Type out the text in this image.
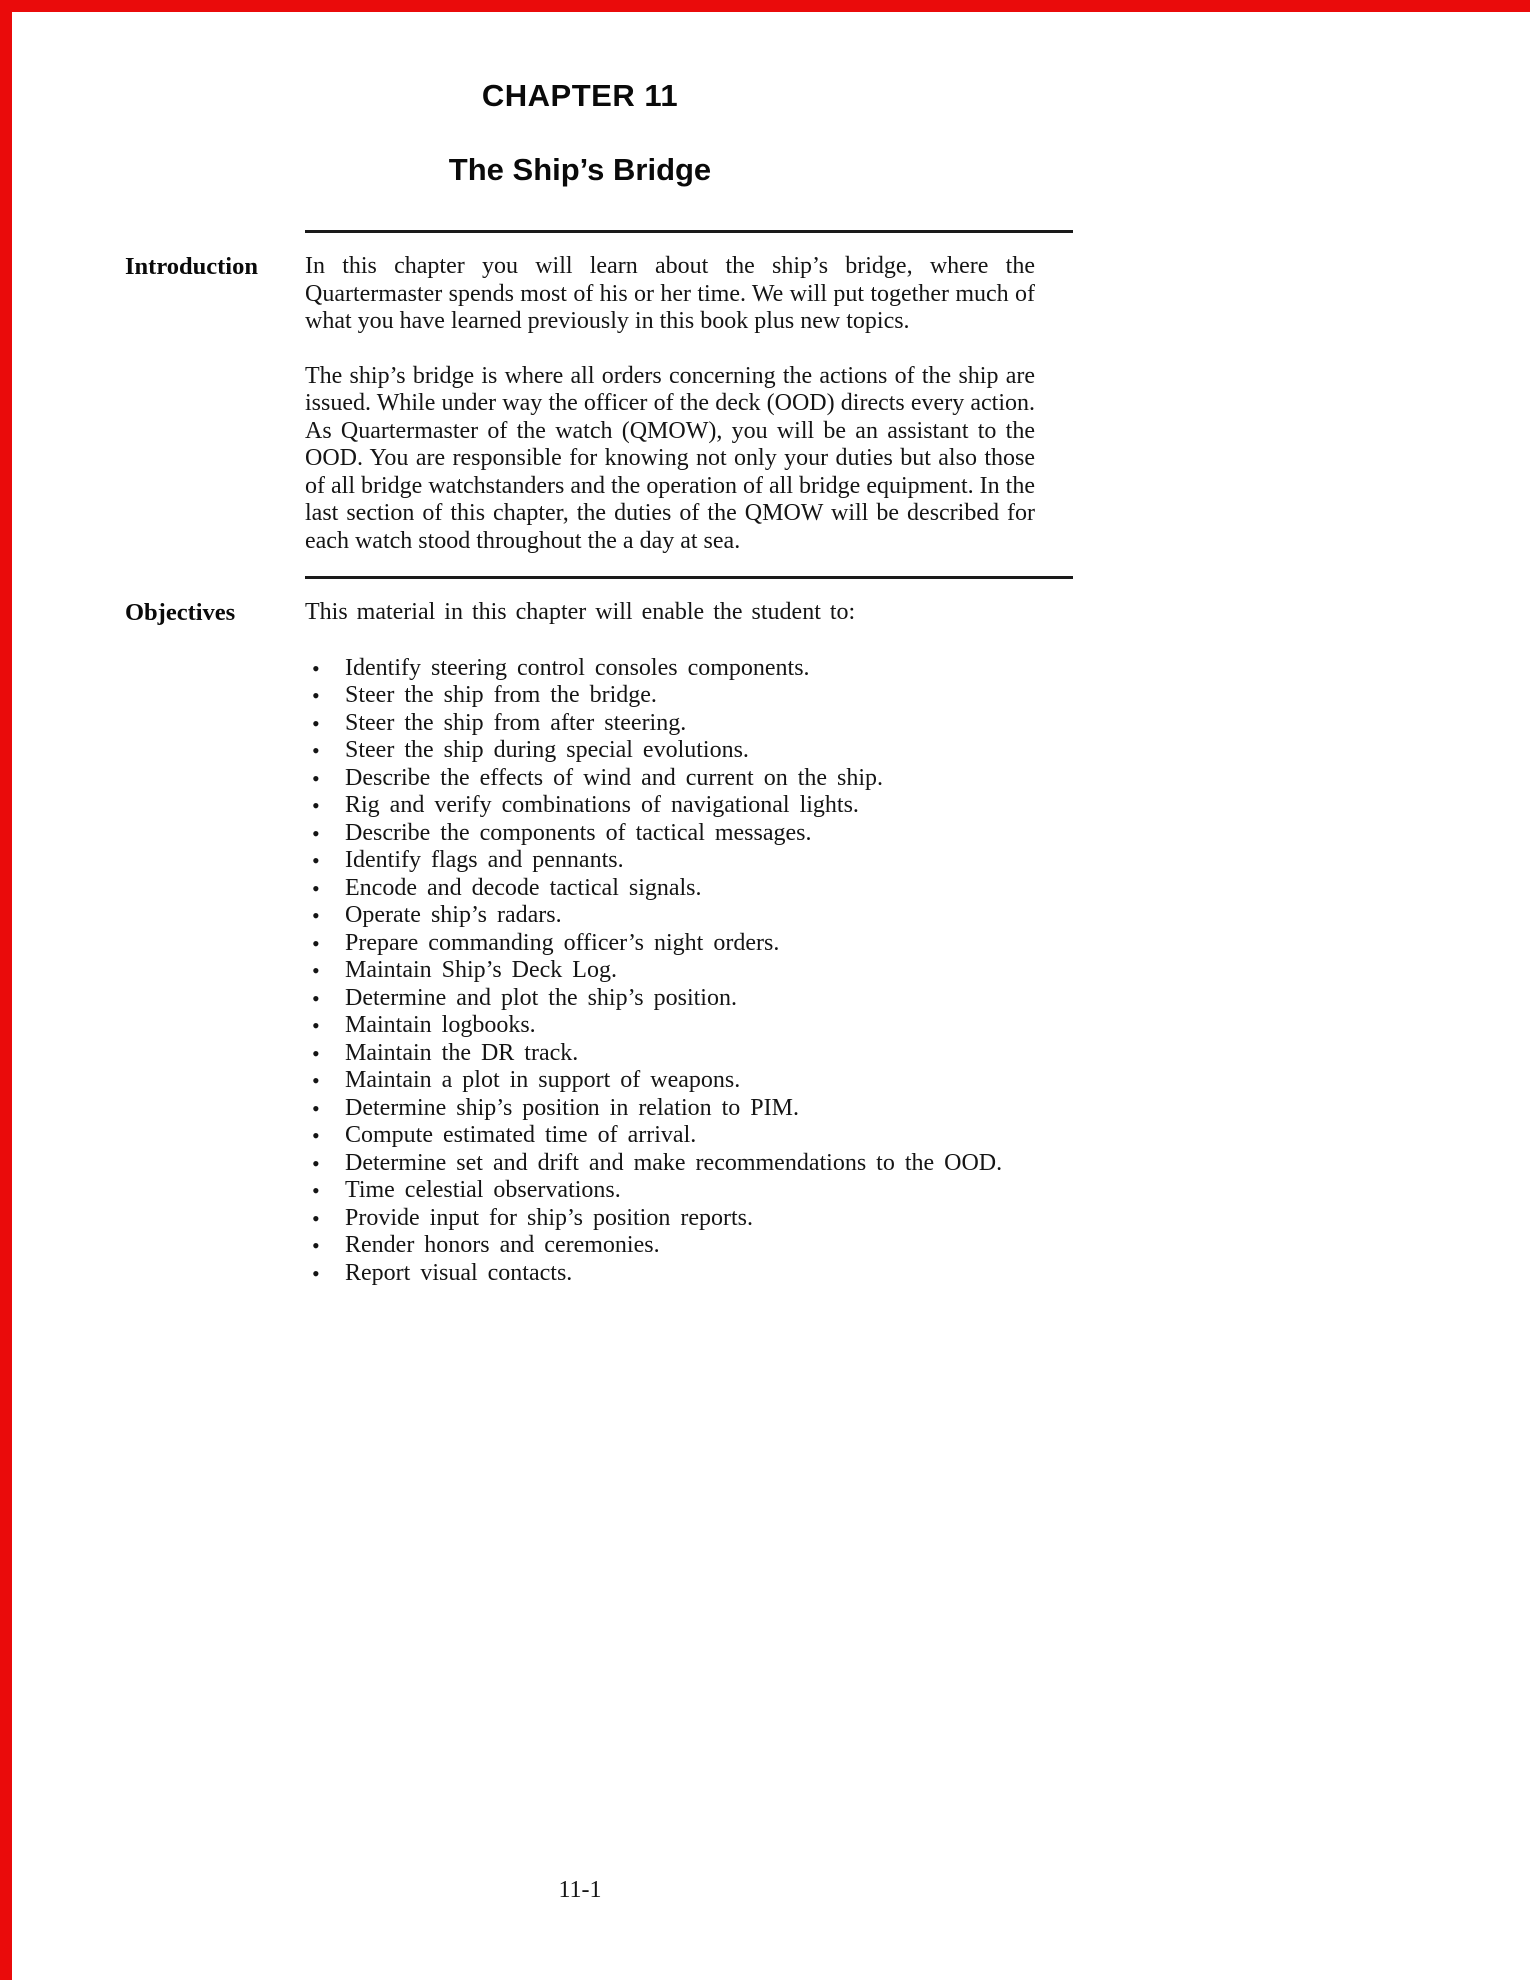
CHAPTER 11
The Ship’s Bridge
Introduction	In this chapter you will learn about the ship’s bridge, where the Quartermaster spends most of his or her time. We will put together much of what you have learned previously in this book plus new topics.

The ship’s bridge is where all orders concerning the actions of the ship are issued. While under way the officer of the deck (OOD) directs every action. As Quartermaster of the watch (QMOW), you will be an assistant to the OOD. You are responsible for knowing not only your duties but also those of all bridge watchstanders and the operation of all bridge equipment. In the last section of this chapter, the duties of the QMOW will be described for each watch stood throughout the a day at sea.

Objectives	This material in this chapter will enable the student to:

•	Identify steering control consoles components.
•	Steer the ship from the bridge.
•	Steer the ship from after steering.
•	Steer the ship during special evolutions.
•	Describe the effects of wind and current on the ship.
•	Rig and verify combinations of navigational lights.
•	Describe the components of tactical messages.
•	Identify flags and pennants.
•	Encode and decode tactical signals.
•	Operate ship’s radars.
•	Prepare commanding officer’s night orders.
•	Maintain Ship’s Deck Log.
•	Determine and plot the ship’s position.
•	Maintain logbooks.
•	Maintain the DR track.
•	Maintain a plot in support of weapons.
•	Determine ship’s position in relation to PIM.
•	Compute estimated time of arrival.
•	Determine set and drift and make recommendations to the OOD.
•	Time celestial observations.
•	Provide input for ship’s position reports.
•	Render honors and ceremonies.
•	Report visual contacts.
11-1
